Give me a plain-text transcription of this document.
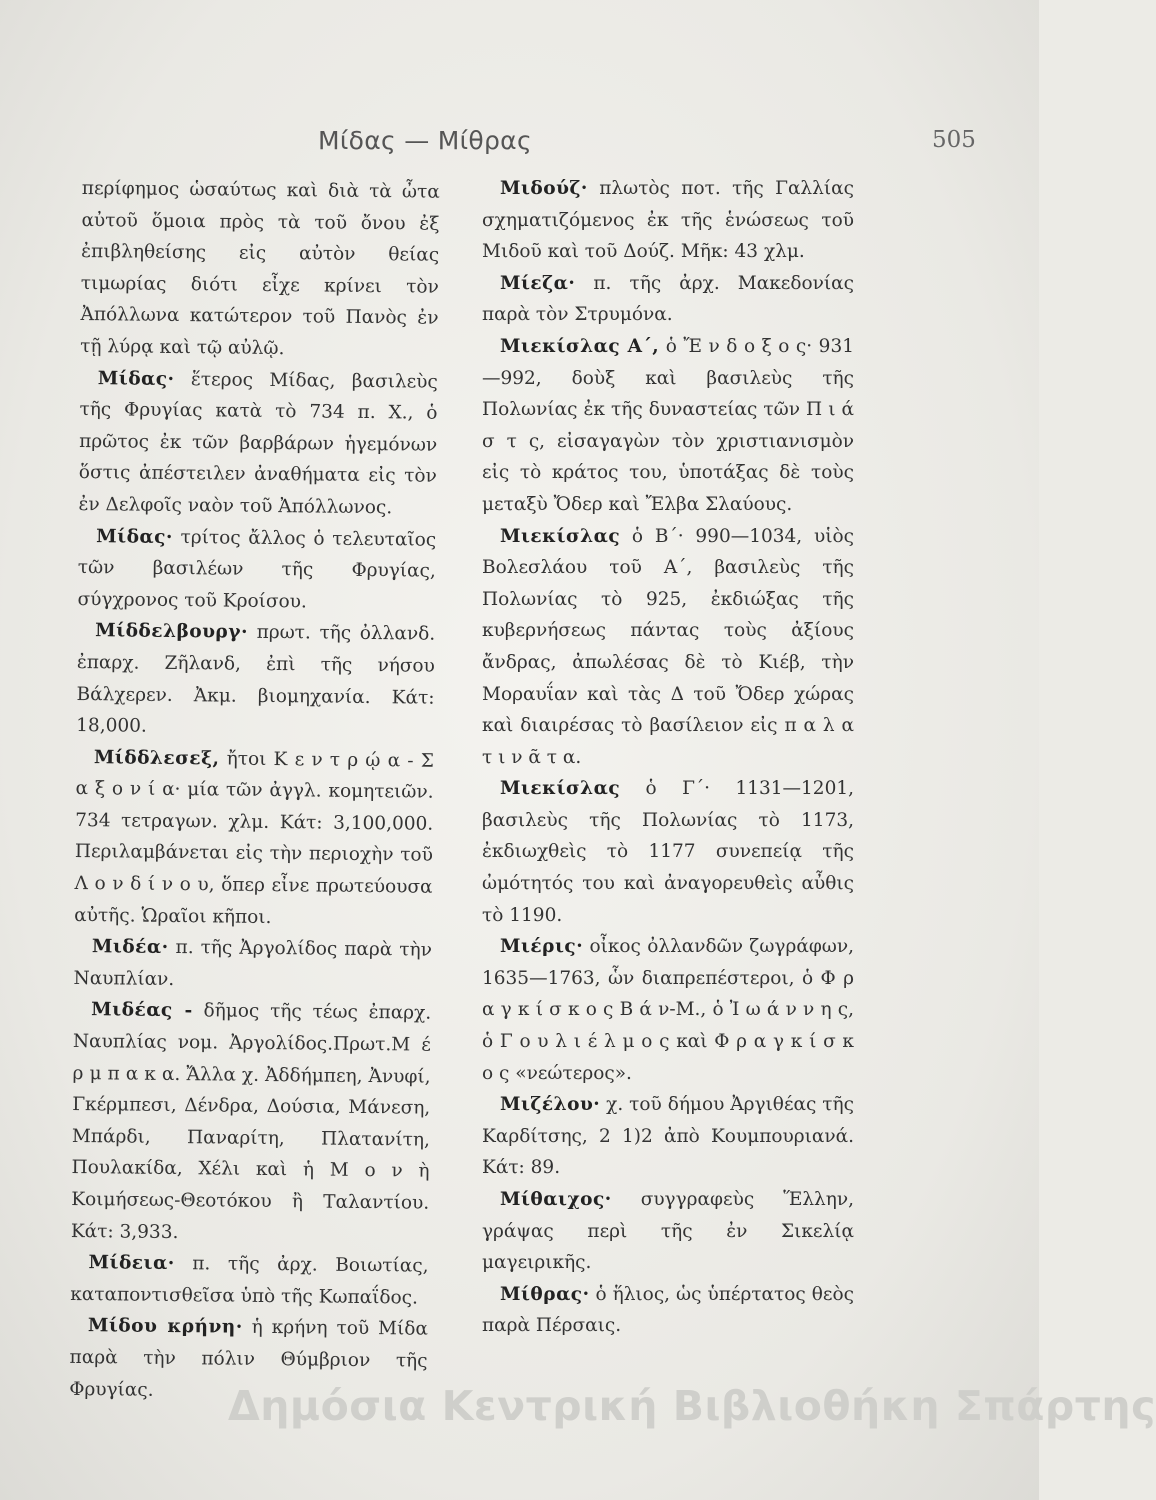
Μίδας — Μίθρας	505

περίφημος ὡσαύτως καὶ διὰ τὰ ὦτα αὐτοῦ ὅμοια πρὸς τὰ τοῦ ὄνου ἐξ ἐπιβληθείσης εἰς αὐτὸν θείας τιμωρίας διότι εἶχε κρίνει τὸν Ἀπόλλωνα κατώτερον τοῦ Πανὸς ἐν τῇ λύρᾳ καὶ τῷ αὐλῷ.

Μίδας· ἕτερος Μίδας, βασιλεὺς τῆς Φρυγίας κατὰ τὸ 734 π. Χ., ὁ πρῶτος ἐκ τῶν βαρβάρων ἡγεμόνων ὅστις ἀπέστειλεν ἀναθήματα εἰς τὸν ἐν Δελφοῖς ναὸν τοῦ Ἀπόλλωνος.

Μίδας· τρίτος ἄλλος ὁ τελευταῖος τῶν βασιλέων τῆς Φρυγίας, σύγχρονος τοῦ Κροίσου.

Μίδδελβουργ· πρωτ. τῆς ὀλλανδ. ἐπαρχ. Ζῆλανδ, ἐπὶ τῆς νήσου Βάλχερεν. Ἀκμ. βιομηχανία. Κάτ: 18,000.

Μίδδλεσεξ, ἤτοι Κ ε ν τ ρ ῴ α - Σ α ξ ο ν ί α· μία τῶν ἀγγλ. κομητειῶν. 734 τετραγων. χλμ. Κάτ: 3,100,000. Περιλαμβάνεται εἰς τὴν περιοχὴν τοῦ Λ ο ν δ ί ν ο υ, ὅπερ εἶνε πρωτεύουσα αὐτῆς. Ὡραῖοι κῆποι.

Μιδέα· π. τῆς Ἀργολίδος παρὰ τὴν Ναυπλίαν.

Μιδέας - δῆμος τῆς τέως ἐπαρχ. Ναυπλίας νομ. Ἀργολίδος.Πρωτ.Μ έ ρ μ π α κ α. Ἄλλα χ. Ἀδδήμπεη, Ἀνυφί, Γκέρμπεσι, Δένδρα, Δούσια, Μάνεση, Μπάρδι, Παναρίτη, Πλατανίτη, Πουλακίδα, Χέλι καὶ ἡ Μ ο ν ὴ Κοιμήσεως-Θεοτόκου ἢ Ταλαντίου. Κάτ: 3,933.

Μίδεια· π. τῆς ἀρχ. Βοιωτίας, καταποντισθεῖσα ὑπὸ τῆς Κωπαΐδος.

Μίδου κρήνη· ἡ κρήνη τοῦ Μίδα παρὰ τὴν πόλιν Θύμβριον τῆς Φρυγίας.

Μιδούζ· πλωτὸς ποτ. τῆς Γαλλίας σχηματιζόμενος ἐκ τῆς ἑνώσεως τοῦ Μιδοῦ καὶ τοῦ Δούζ. Μῆκ: 43 χλμ.

Μίεζα· π. τῆς ἀρχ. Μακεδονίας παρὰ τὸν Στρυμόνα.

Μιεκίσλας Α΄, ὁ Ἔ ν δ ο ξ ο ς· 931—992, δοὺξ καὶ βασιλεὺς τῆς Πολωνίας ἐκ τῆς δυναστείας τῶν Π ι ά σ τ ς, εἰσαγαγὼν τὸν χριστιανισμὸν εἰς τὸ κράτος του, ὑποτάξας δὲ τοὺς μεταξὺ Ὄδερ καὶ Ἔλβα Σλαύους.

Μιεκίσλας ὁ Β΄· 990—1034, υἱὸς Βολεσλάου τοῦ Α΄, βασιλεὺς τῆς Πολωνίας τὸ 925, ἐκδιώξας τῆς κυβερνήσεως πάντας τοὺς ἀξίους ἄνδρας, ἀπωλέσας δὲ τὸ Κιέβ, τὴν Μοραυΐαν καὶ τὰς Δ τοῦ Ὄδερ χώρας καὶ διαιρέσας τὸ βασίλειον εἰς π α λ α τ ι ν ᾶ τ α.

Μιεκίσλας ὁ Γ΄· 1131—1201, βασιλεὺς τῆς Πολωνίας τὸ 1173, ἐκδιωχθεὶς τὸ 1177 συνεπείᾳ τῆς ὠμότητός του καὶ ἀναγορευθεὶς αὖθις τὸ 1190.

Μιέρις· οἶκος ὀλλανδῶν ζωγράφων, 1635—1763, ὧν διαπρεπέστεροι, ὁ Φ ρ α γ κ ί σ κ ο ς Β ά ν-Μ., ὁ Ἰ ω ά ν ν η ς, ὁ Γ ο υ λ ι έ λ μ ο ς καὶ Φ ρ α γ κ ί σ κ ο ς «νεώτερος».

Μιζέλου· χ. τοῦ δήμου Ἀργιθέας τῆς Καρδίτσης, 2 1)2 ἀπὸ Κουμπουριανά. Κάτ: 89.

Μίθαιχος· συγγραφεὺς Ἕλλην, γράψας περὶ τῆς ἐν Σικελίᾳ μαγειρικῆς.

Μίθρας· ὁ ἥλιος, ὡς ὑπέρτατος θεὸς παρὰ Πέρσαις.

Δημόσια Κεντρική Βιβλιοθήκη Σπάρτης
